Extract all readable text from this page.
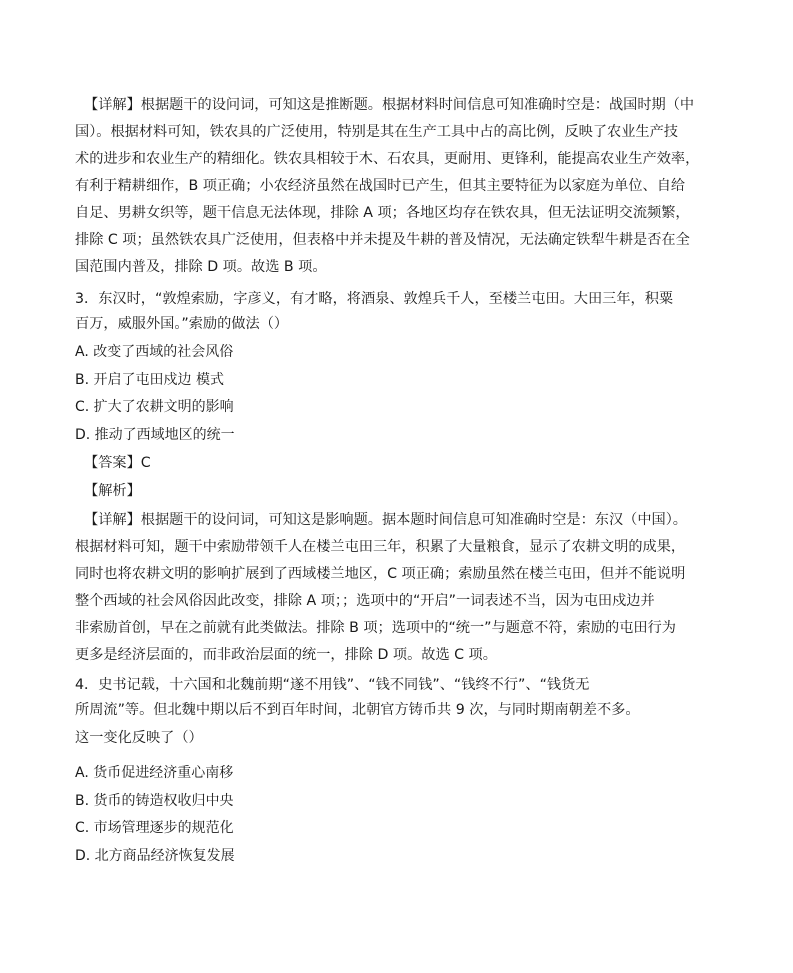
【详解】根据题干的设问词，可知这是推断题。根据材料时间信息可知准确时空是：战国时期（中
国）。根据材料可知，铁农具的广泛使用，特别是其在生产工具中占的高比例，反映了农业生产技
术的进步和农业生产的精细化。铁农具相较于木、石农具，更耐用、更锋利，能提高农业生产效率，
有利于精耕细作，B 项正确；小农经济虽然在战国时已产生，但其主要特征为以家庭为单位、自给
自足、男耕女织等，题干信息无法体现，排除 A 项；各地区均存在铁农具，但无法证明交流频繁，
排除 C 项；虽然铁农具广泛使用，但表格中并未提及牛耕的普及情况，无法确定铁犁牛耕是否在全
国范围内普及，排除 D 项。故选 B 项。
3．东汉时，“敦煌索励，字彦义，有才略，将酒泉、敦煌兵千人，至楼兰屯田。大田三年，积粟
百万，威服外国。”索励的做法（）
A. 改变了西域的社会风俗
B. 开启了屯田戍边 模式
C. 扩大了农耕文明的影响
D. 推动了西域地区的统一
【答案】C
【解析】
【详解】根据题干的设问词，可知这是影响题。据本题时间信息可知准确时空是：东汉（中国）。
根据材料可知，题干中索励带领千人在楼兰屯田三年，积累了大量粮食，显示了农耕文明的成果，
同时也将农耕文明的影响扩展到了西域楼兰地区，C 项正确；索励虽然在楼兰屯田，但并不能说明
整个西域的社会风俗因此改变，排除 A 项；；选项中的“开启”一词表述不当，因为屯田戍边并
非索励首创，早在之前就有此类做法。排除 B 项；选项中的“统一”与题意不符，索励的屯田行为
更多是经济层面的，而非政治层面的统一，排除 D 项。故选 C 项。
4．史书记载，十六国和北魏前期“遂不用钱”、“钱不同钱”、“钱终不行”、“钱货无
所周流”等。但北魏中期以后不到百年时间，北朝官方铸币共 9 次，与同时期南朝差不多。
这一变化反映了（）
A. 货币促进经济重心南移
B. 货币的铸造权收归中央
C. 市场管理逐步的规范化
D. 北方商品经济恢复发展
